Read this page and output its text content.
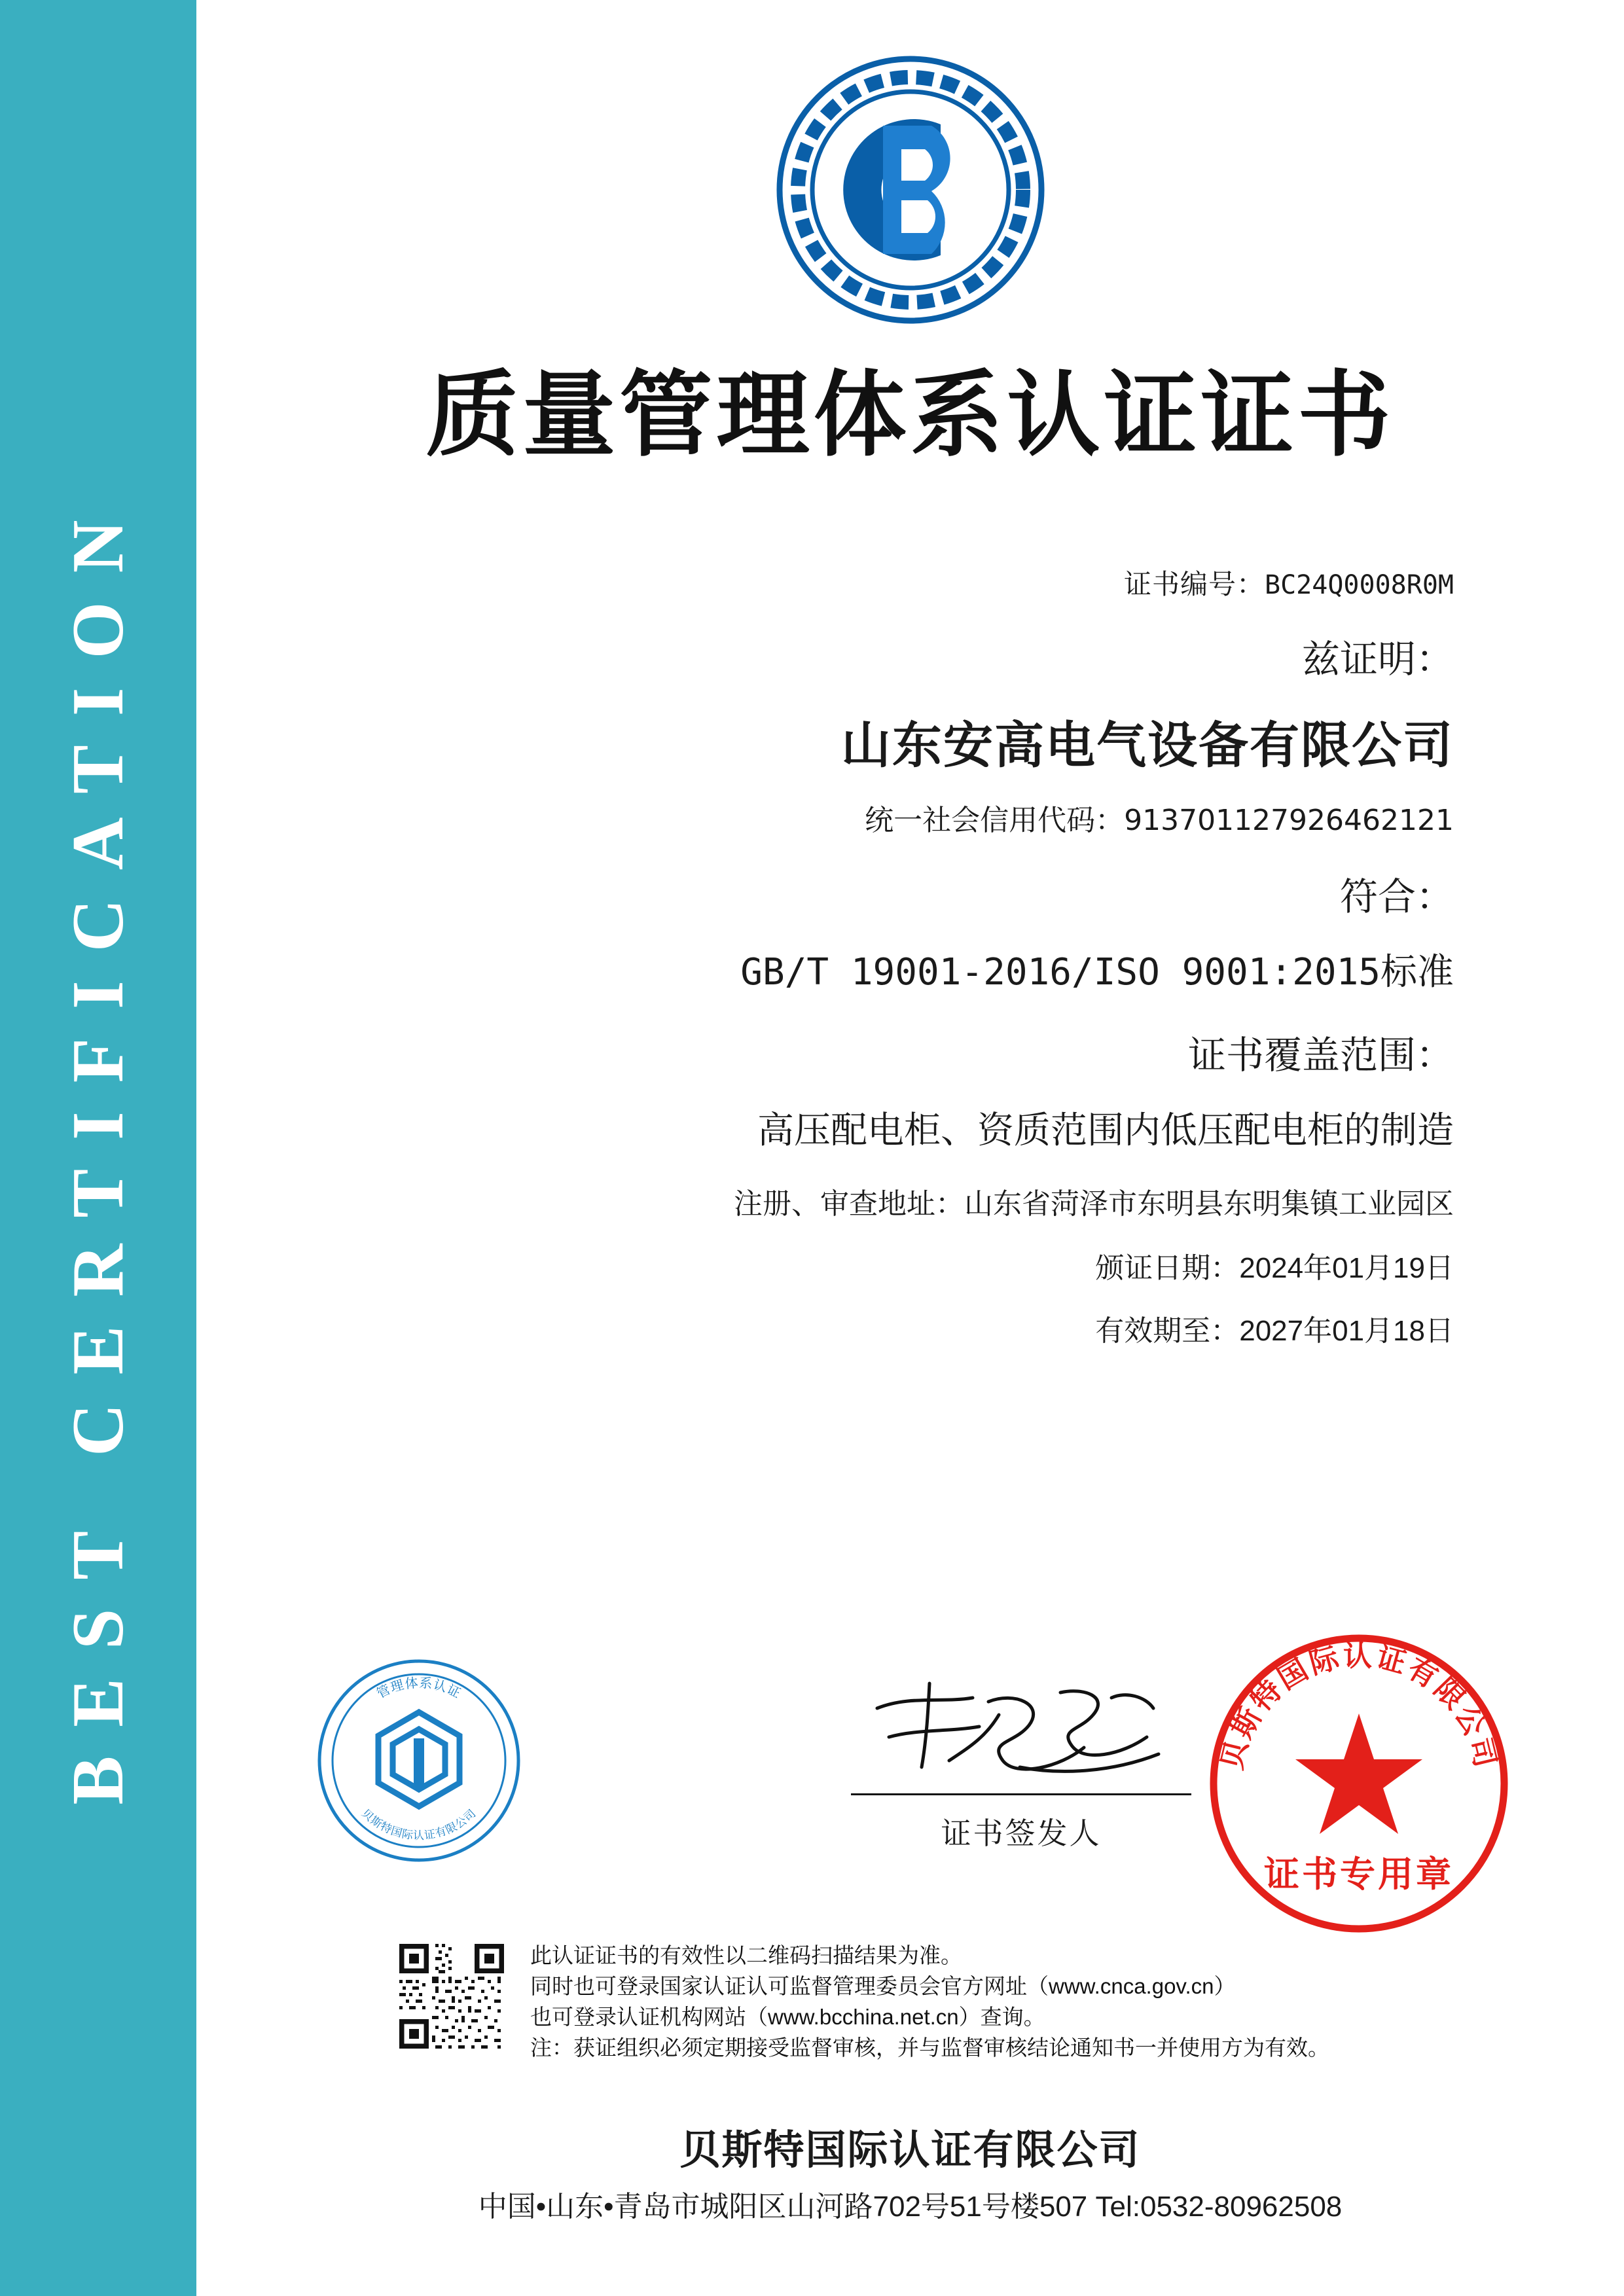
BEST CERTIFICATION
质量管理体系认证证书
证书编号：BC24Q0008R0M
兹证明：
山东安高电气设备有限公司
统一社会信用代码：913701127926462121
符合：
GB/T 19001-2016/ISO 9001:2015标准
证书覆盖范围：
高压配电柜、资质范围内低压配电柜的制造
注册、审查地址：山东省菏泽市东明县东明集镇工业园区
颁证日期：2024年01月19日
有效期至：2027年01月18日
管理体系认证
贝斯特国际认证有限公司
证书签发人
贝斯特国际认证有限公司
证书专用章
此认证证书的有效性以二维码扫描结果为准。
同时也可登录国家认证认可监督管理委员会官方网址（www.cnca.gov.cn）
也可登录认证机构网站（www.bcchina.net.cn）查询。
注：获证组织必须定期接受监督审核，并与监督审核结论通知书一并使用方为有效。
贝斯特国际认证有限公司
中国•山东•青岛市城阳区山河路702号51号楼507 Tel:0532-80962508
